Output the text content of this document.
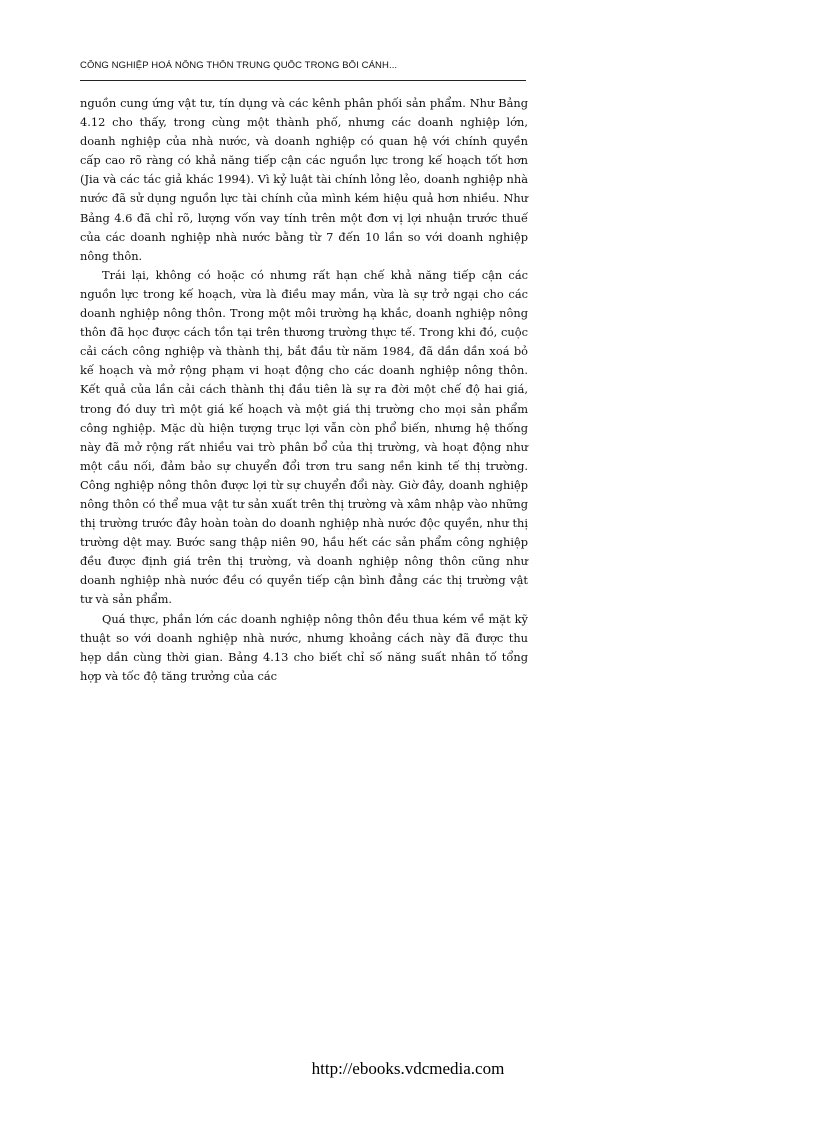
CÔNG NGHIỆP HOÁ NÔNG THÔN TRUNG QUỐC TRONG BỐI CẢNH...

nguồn cung ứng vật tư, tín dụng và các kênh phân phối sản phẩm. Như Bảng 4.12 cho thấy, trong cùng một thành phố, nhưng các doanh nghiệp lớn, doanh nghiệp của nhà nước, và doanh nghiệp có quan hệ với chính quyền cấp cao rõ ràng có khả năng tiếp cận các nguồn lực trong kế hoạch tốt hơn (Jia và các tác giả khác 1994). Vì kỷ luật tài chính lỏng lẻo, doanh nghiệp nhà nước đã sử dụng nguồn lực tài chính của mình kém hiệu quả hơn nhiều. Như Bảng 4.6 đã chỉ rõ, lượng vốn vay tính trên một đơn vị lợi nhuận trước thuế của các doanh nghiệp nhà nước bằng từ 7 đến 10 lần so với doanh nghiệp nông thôn.

Trái lại, không có hoặc có nhưng rất hạn chế khả năng tiếp cận các nguồn lực trong kế hoạch, vừa là điều may mắn, vừa là sự trở ngại cho các doanh nghiệp nông thôn. Trong một môi trường hạ khắc, doanh nghiệp nông thôn đã học được cách tồn tại trên thương trường thực tế. Trong khi đó, cuộc cải cách công nghiệp và thành thị, bắt đầu từ năm 1984, đã dần dần xoá bỏ kế hoạch và mở rộng phạm vi hoạt động cho các doanh nghiệp nông thôn. Kết quả của lần cải cách thành thị đầu tiên là sự ra đời một chế độ hai giá, trong đó duy trì một giá kế hoạch và một giá thị trường cho mọi sản phẩm công nghiệp. Mặc dù hiện tượng trục lợi vẫn còn phổ biến, nhưng hệ thống này đã mở rộng rất nhiều vai trò phân bổ của thị trường, và hoạt động như một cầu nối, đảm bảo sự chuyển đổi trơn tru sang nền kinh tế thị trường. Công nghiệp nông thôn được lợi từ sự chuyển đổi này. Giờ đây, doanh nghiệp nông thôn có thể mua vật tư sản xuất trên thị trường và xâm nhập vào những thị trường trước đây hoàn toàn do doanh nghiệp nhà nước độc quyền, như thị trường dệt may. Bước sang thập niên 90, hầu hết các sản phẩm công nghiệp đều được định giá trên thị trường, và doanh nghiệp nông thôn cũng như doanh nghiệp nhà nước đều có quyền tiếp cận bình đẳng các thị trường vật tư và sản phẩm.

Quá thực, phần lớn các doanh nghiệp nông thôn đều thua kém về mặt kỹ thuật so với doanh nghiệp nhà nước, nhưng khoảng cách này đã được thu hẹp dần cùng thời gian. Bảng 4.13 cho biết chỉ số năng suất nhân tố tổng hợp và tốc độ tăng trưởng của các

http://ebooks.vdcmedia.com
